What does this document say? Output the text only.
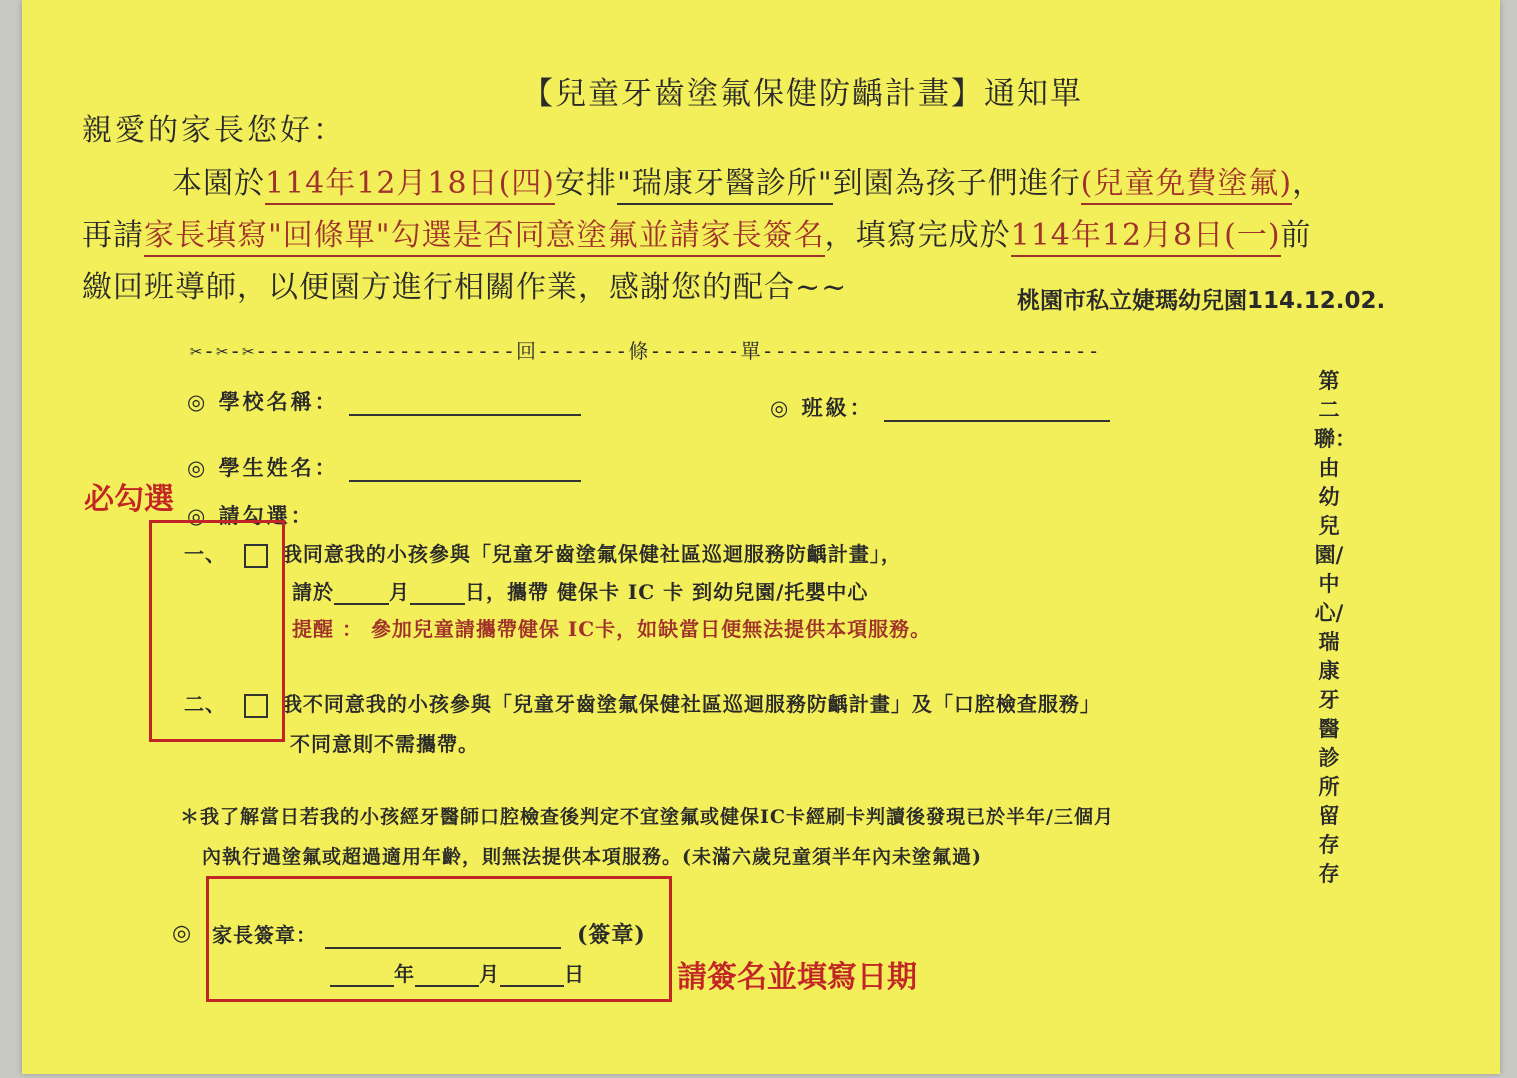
【兒童牙齒塗氟保健防齲計畫】通知單
親愛的家長您好：
本園於114年12月18日(四)安排"瑞康牙醫診所"到園為孩子們進行(兒童免費塗氟)，
再請家長填寫"回條單"勾選是否同意塗氟並請家長簽名，填寫完成於114年12月8日(一)前
繳回班導師，以便園方進行相關作業，感謝您的配合~~	桃園市私立婕瑪幼兒園114.12.02.
✂-✂-✂--------------------回-------條-------單--------------------------
◎ 學校名稱：	◎ 班級：
◎ 學生姓名：
◎ 請勾選：
一、	我同意我的小孩參與「兒童牙齒塗氟保健社區巡迴服務防齲計畫」，
請於	月	日，攜帶 健保卡 IC 卡 到幼兒園/托嬰中心
提醒 ： 參加兒童請攜帶健保 IC卡，如缺當日便無法提供本項服務。
二、	我不同意我的小孩參與「兒童牙齒塗氟保健社區巡迴服務防齲計畫」及「口腔檢查服務」
不同意則不需攜帶。
必勾選
＊我了解當日若我的小孩經牙醫師口腔檢查後判定不宜塗氟或健保IC卡經刷卡判讀後發現已於半年/三個月
內執行過塗氟或超過適用年齡，則無法提供本項服務。(未滿六歲兒童須半年內未塗氟過)
◎ 家長簽章：	(簽章)
年	月	日	請簽名並填寫日期
第二聯：由幼兒園/中心/瑞康牙醫診所留存存
